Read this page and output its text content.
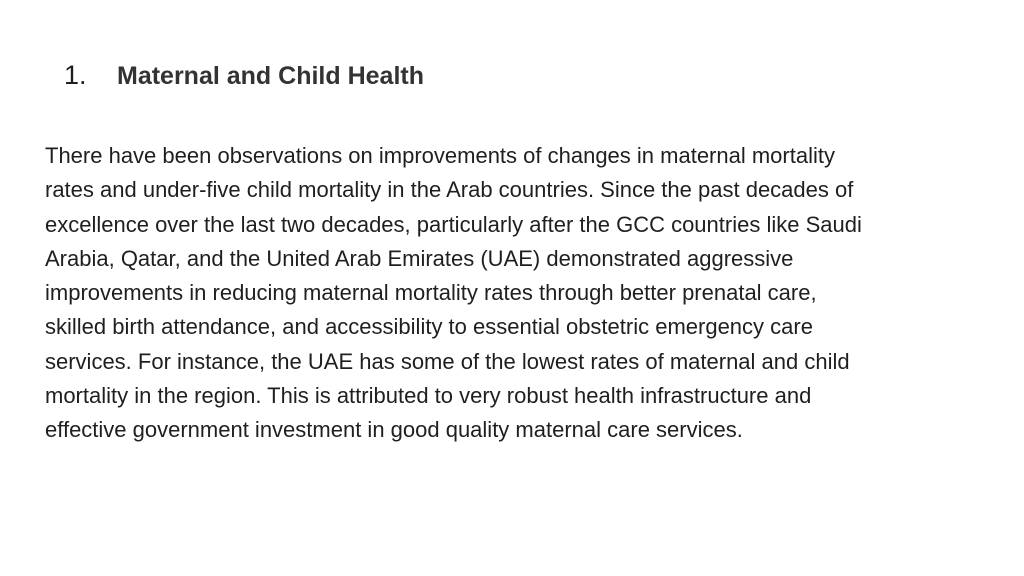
1.	Maternal and Child Health

There have been observations on improvements of changes in maternal mortality
rates and under-five child mortality in the Arab countries. Since the past decades of
excellence over the last two decades, particularly after the GCC countries like Saudi
Arabia, Qatar, and the United Arab Emirates (UAE) demonstrated aggressive
improvements in reducing maternal mortality rates through better prenatal care,
skilled birth attendance, and accessibility to essential obstetric emergency care
services. For instance, the UAE has some of the lowest rates of maternal and child
mortality in the region. This is attributed to very robust health infrastructure and
effective government investment in good quality maternal care services.
